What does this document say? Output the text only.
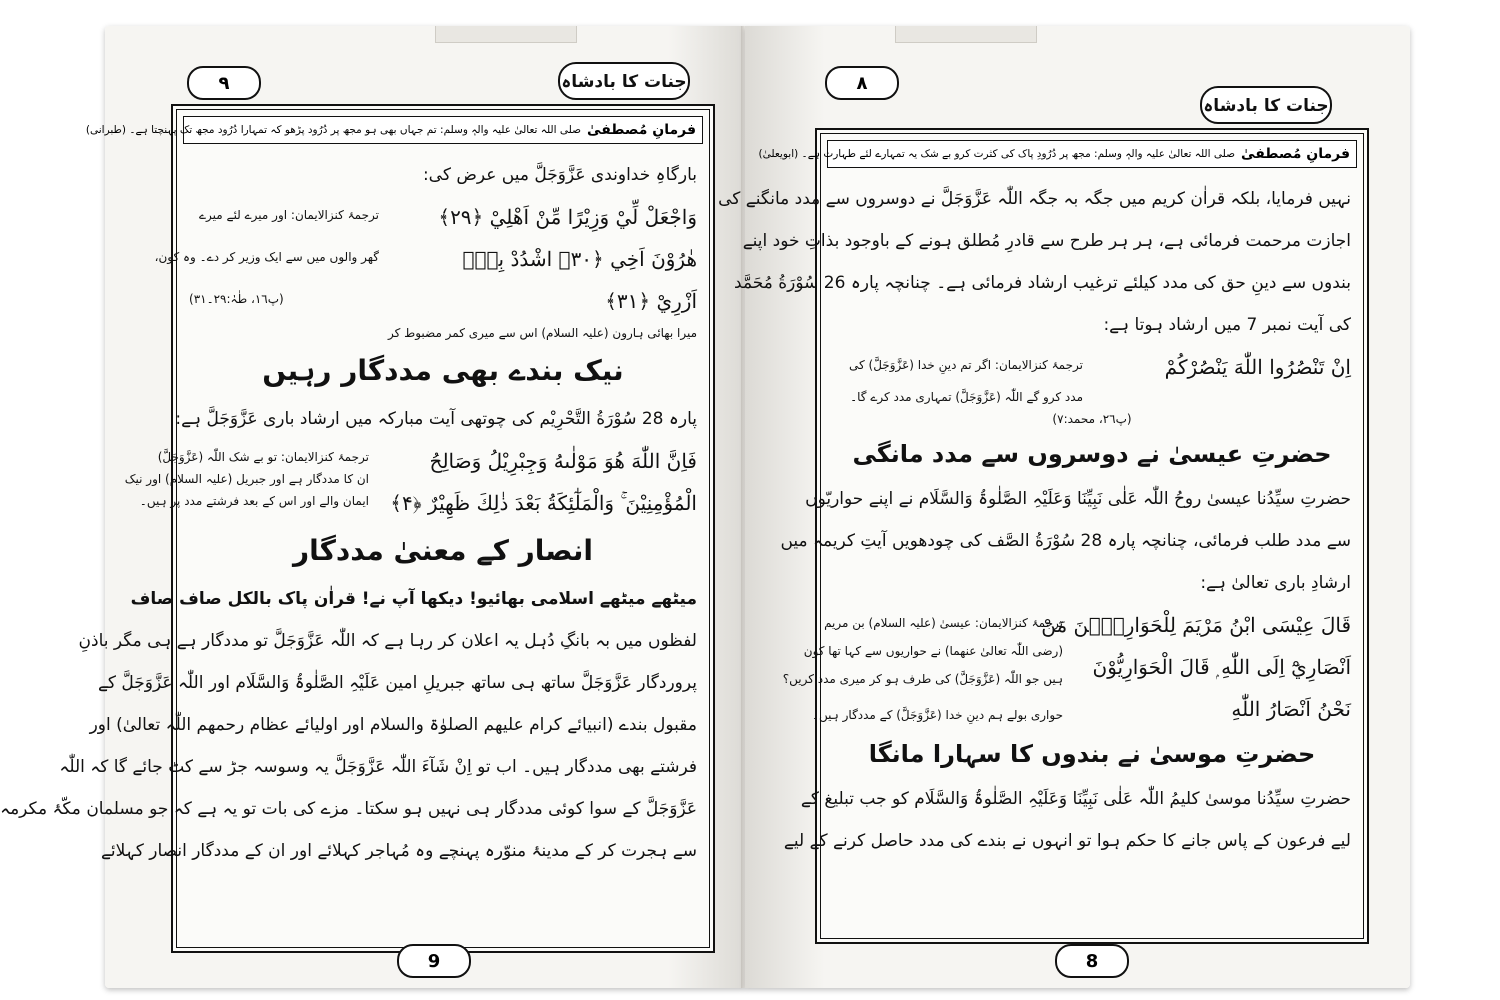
٩	جنات کا بادشاہ
فرمانِ مُصطفیٰ
صلی اللہ تعالیٰ علیہ والہٖ وسلم: تم جہاں بھی ہو مجھ پر دُرُود پڑھو کہ تمہارا دُرُود مجھ تک پہنچتا ہے۔ (طبرانی)
بارگاہِ خداوندی عَزَّوَجَلَّ میں عرض کی:
وَاجْعَلْ لِّيْ وَزِيْرًا مِّنْ اَهْلِيْ ﴿۲۹﴾
هٰرُوْنَ اَخِي ﴿۳۰﴾ اشْدُدْ بِهٖٓ
اَزْرِيْ ﴿۳۱﴾
ترجمۂ کنزالایمان: اور میرے لئے میرے
گھر والوں میں سے ایک وزیر کر دے۔ وہ کون،
(پ١٦، طٰہٰ:٢٩۔٣١)
میرا بھائی ہارون (علیہ السلام) اس سے میری کمر مضبوط کر
نیک بندے بھی مددگار رہیں
پارہ 28 سُوْرَةُ التَّحْرِيْم کی چوتھی آیت مبارکہ میں ارشاد باری عَزَّوَجَلَّ ہے:
فَاِنَّ اللّٰهَ هُوَ مَوْلٰىهُ وَجِبْرِيْلُ وَصَالِحُ
الْمُؤْمِنِيْنَ ۚ وَالْمَلٰٓئِكَةُ بَعْدَ ذٰلِكَ ظَهِيْرٌ ﴿۴﴾
ترجمۂ کنزالایمان: تو بے شک اللّٰہ (عَزَّوَجَلَّ)
ان کا مددگار ہے اور جبریل (علیہ السلام) اور نیک
ایمان والے اور اس کے بعد فرشتے مدد پر ہیں۔
انصار کے معنیٰ مددگار
میٹھے میٹھے اسلامی بھائیو! دیکھا آپ نے! قراٰن پاک بالکل صاف صاف
لفظوں میں بہ بانگِ دُہل یہ اعلان کر رہا ہے کہ اللّٰہ عَزَّوَجَلَّ تو مددگار ہے ہی مگر باذنِ
پروردگار عَزَّوَجَلَّ ساتھ ہی ساتھ جبریلِ امین عَلَیْہِ الصَّلٰوۃُ وَالسَّلَام اور اللّٰہ عَزَّوَجَلَّ کے
مقبول بندے (انبیائے کرام علیھم الصلوٰۃ والسلام اور اولیائے عظام رحمھم اللّٰہ تعالیٰ) اور
فرشتے بھی مددگار ہیں۔ اب تو اِنْ شَآءَ اللّٰہ عَزَّوَجَلَّ یہ وسوسہ جڑ سے کٹ جائے گا کہ اللّٰہ
عَزَّوَجَلَّ کے سوا کوئی مددگار ہی نہیں ہو سکتا۔ مزے کی بات تو یہ ہے کہ جو مسلمان مکّۂ مکرمہ
سے ہجرت کر کے مدینۂ منوّرہ پہنچے وہ مُہاجر کہلائے اور ان کے مددگار انصار کہلائے
9
٨
جنات کا بادشاہ
فرمانِ مُصطفیٰ
صلی اللہ تعالیٰ علیہ والہٖ وسلم: مجھ پر دُرُودِ پاک کی کثرت کرو بے شک یہ تمہارے لئے طہارت ہے۔ (ابویعلیٰ)
نہیں فرمایا، بلکہ قراٰن کریم میں جگہ بہ جگہ اللّٰہ عَزَّوَجَلَّ نے دوسروں سے مدد مانگنے کی
اجازت مرحمت فرمائی ہے، ہر ہر طرح سے قادرِ مُطلق ہونے کے باوجود بذاتِ خود اپنے
بندوں سے دینِ حق کی مدد کیلئے ترغیب ارشاد فرمائی ہے۔ چنانچہ پارہ 26 سُوْرَةُ مُحَمَّد
کی آیت نمبر 7 میں ارشاد ہوتا ہے:
اِنْ تَنْصُرُوا اللّٰهَ يَنْصُرْكُمْ
ترجمۂ کنزالایمان: اگر تم دینِ خدا (عَزَّوَجَلَّ) کی
مدد کرو گے اللّٰہ (عَزَّوَجَلَّ) تمہاری مدد کرے گا۔
(پ٢٦، محمد:٧)
حضرتِ عیسیٰ نے دوسروں سے مدد مانگی
حضرتِ سیِّدُنا عیسیٰ روحُ اللّٰہ عَلٰی نَبِیِّنَا وَعَلَیْہِ الصَّلٰوۃُ وَالسَّلَام نے اپنے حواریّوں
سے مدد طلب فرمائی، چنانچہ پارہ 28 سُوْرَةُ الصَّف کی چودھویں آیتِ کریمہ میں
ارشادِ باری تعالیٰ ہے:
قَالَ عِيْسَى ابْنُ مَرْيَمَ لِلْحَوَارِيّٖنَ مَنْ
اَنْصَارِيْٓ اِلَى اللّٰهِ ۭ قَالَ الْحَوَارِيُّوْنَ
نَحْنُ اَنْصَارُ اللّٰهِ
ترجمۂ کنزالایمان: عیسیٰ (علیہ السلام) بن مریم
(رضی اللّٰہ تعالیٰ عنھما) نے حواریوں سے کہا تھا کون
ہیں جو اللّٰہ (عَزَّوَجَلَّ) کی طرف ہو کر میری مدد کریں؟
حواری بولے ہم دینِ خدا (عَزَّوَجَلَّ) کے مددگار ہیں۔
حضرتِ موسیٰ نے بندوں کا سہارا مانگا
حضرتِ سیِّدُنا موسیٰ کلیمُ اللّٰہ عَلٰی نَبِیِّنَا وَعَلَیْہِ الصَّلٰوۃُ وَالسَّلَام کو جب تبلیغ کے
لیے فرعون کے پاس جانے کا حکم ہوا تو انہوں نے بندے کی مدد حاصل کرنے کے لیے
8
